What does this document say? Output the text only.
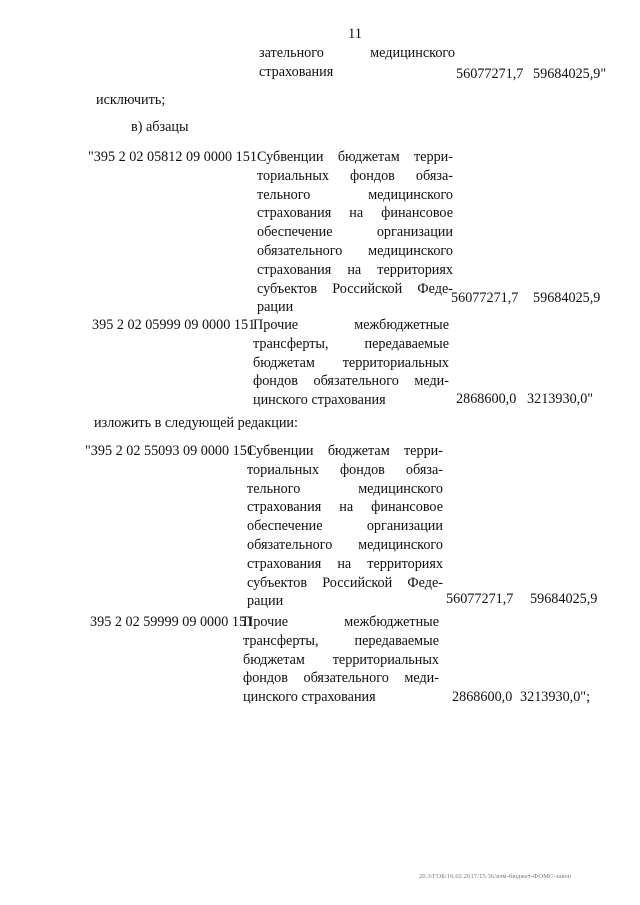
11
зательного медицинского
страхования	56077271,7 59684025,9"
исключить;
в) абзацы
"395 2 02 05812 09 0000 151 Субвенции бюджетам терри-
ториальных фондов обяза-
тельного медицинского
страхования на финансовое
обеспечение организации
обязательного медицинского
страхования на территориях
субъектов Российской Феде-
рации
56077271,7 59684025,9
395 2 02 05999 09 0000 151
Прочие межбюджетные
трансферты, передаваемые
бюджетам территориальных
фондов обязательного меди-
цинского страхования	2868600,0 3213930,0"
изложить в следующей редакции:
"395 2 02 55093 09 0000 151
Субвенции бюджетам терри-
ториальных фондов обяза-
тельного медицинского
страхования на финансовое
обеспечение организации
обязательного медицинского
страхования на территориях
субъектов Российской Феде-
рации	56077271,7 59684025,9
395 2 02 59999 09 0000 151
Прочие межбюджетные
трансферты, передаваемые
бюджетам территориальных
фондов обязательного меди-
цинского страхования	2868600,0 3213930,0";
20.3/ГОБ/16.02.2017/15:36/изм-бюджет-ФОМС-закон
